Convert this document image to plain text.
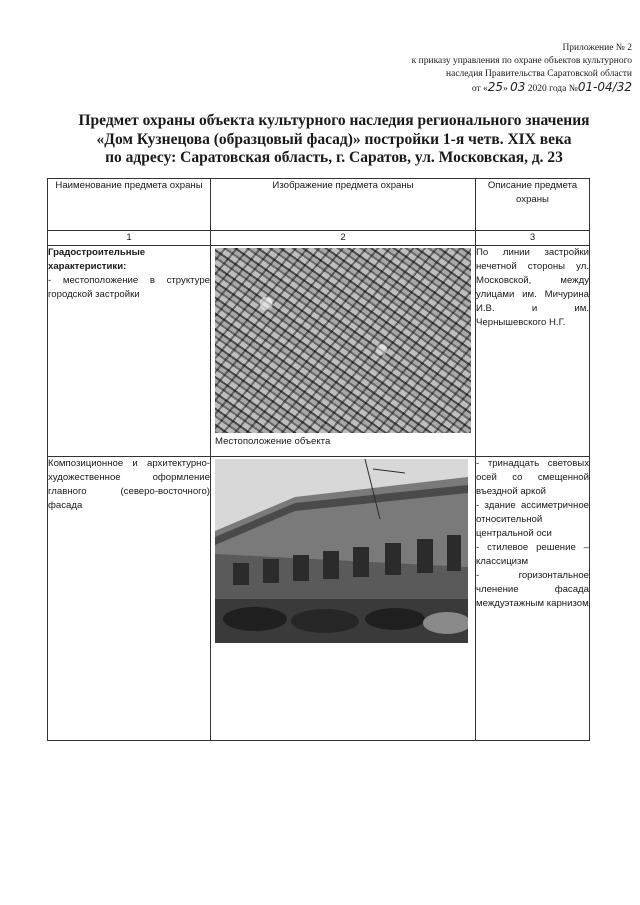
Приложение № 2
к приказу управления по охране объектов культурного
наследия Правительства Саратовской области
от «25» 03 2020 года №01-04/32
Предмет охраны объекта культурного наследия регионального значения
«Дом Кузнецова (образцовый фасад)» постройки 1-я четв. XIX века
по адресу: Саратовская область, г. Саратов, ул. Московская, д. 23
Наименование предмета охраны	Изображение предмета охраны	Описание предмета охраны
1	2	3

Градостроительные характеристики:
- местоположение в структуре городской застройки	Местоположение объекта	По линии застройки нечетной стороны ул. Московской, между улицами им. Мичурина И.В. и им. Чернышевского Н.Г.
Композиционное и архитектурно-художественное оформление главного (северо-восточного) фасада		- тринадцать световых осей со смещенной въездной аркой
- здание ассиметричное относительной центральной оси
- стилевое решение – классицизм
- горизонтальное членение фасада междуэтажным карнизом
